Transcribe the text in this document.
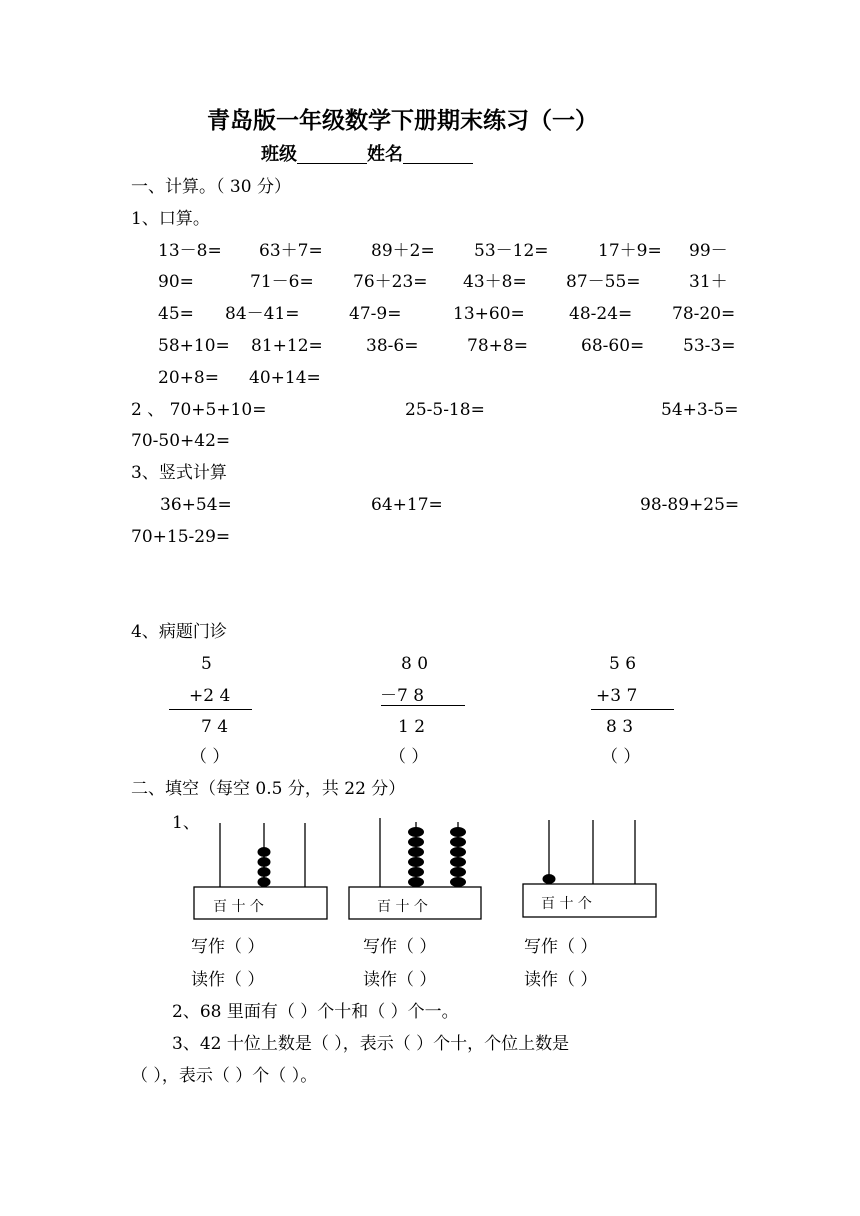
青岛版一年级数学下册期末练习（一）
班级	姓名
一、计算。（ 30 分）
1、口算。
13－8= 63＋7=	89＋2= 53－12=	17＋9= 99－
90=	71－6= 76＋23= 43＋8= 87－55=	31＋
45= 84－41=	47-9=	13+60=	48-24= 78-20=
58+10= 81+12=	38-6=	78+8=	68-60= 53-3=
20+8= 40+14=
2 、 70+5+10=	25-5-18=	54+3-5=
70-50+42=
3、竖式计算
36+54=	64+17=	98-89+25=
70+15-29=
4、病题门诊
5
+2 4
7 4
（ ）
8 0
－7 8
1 2
（ ）
5 6
+3 7
8 3
（ ）
二、填空（每空 0.5 分，共 22 分）
1、
百 十 个	百 十 个	百 十 个
写作（ ）	写作（ ）	写作（ ）
读作（ ）	读作（ ）	读作（ ）
2、68 里面有（ ）个十和（ ）个一。
3、42 十位上数是（ ），表示（ ）个十，个位上数是
（ ），表示（ ）个（ ）。
